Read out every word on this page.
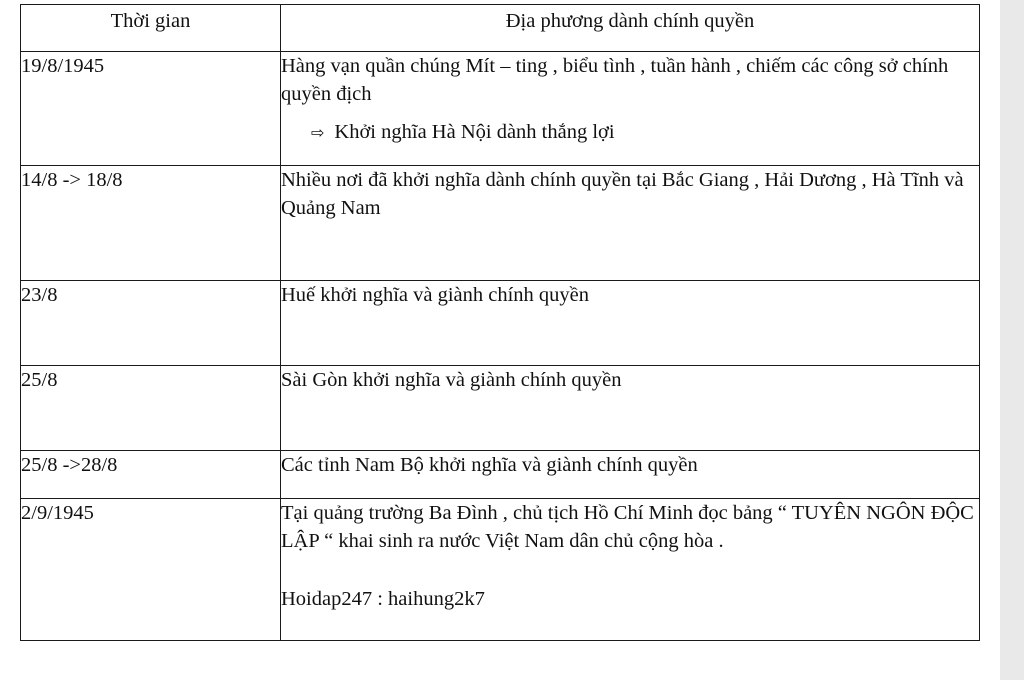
Thời gian	Địa phương dành chính quyền
19/8/1945	Hàng vạn quần chúng Mít – ting , biểu tình , tuần hành , chiếm các công sở chính quyền địch
⇨ Khởi nghĩa Hà Nội dành thắng lợi

14/8 -> 18/8	Nhiều nơi đã khởi nghĩa dành chính quyền tại Bắc Giang , Hải Dương , Hà Tĩnh và Quảng Nam
23/8	Huế khởi nghĩa và giành chính quyền
25/8	Sài Gòn khởi nghĩa và giành chính quyền
25/8 ->28/8	Các tỉnh Nam Bộ khởi nghĩa và giành chính quyền
2/9/1945	Tại quảng trường Ba Đình , chủ tịch Hồ Chí Minh đọc bảng “ TUYÊN NGÔN ĐỘC LẬP “ khai sinh ra nước Việt Nam dân chủ cộng hòa .
Hoidap247 : haihung2k7
